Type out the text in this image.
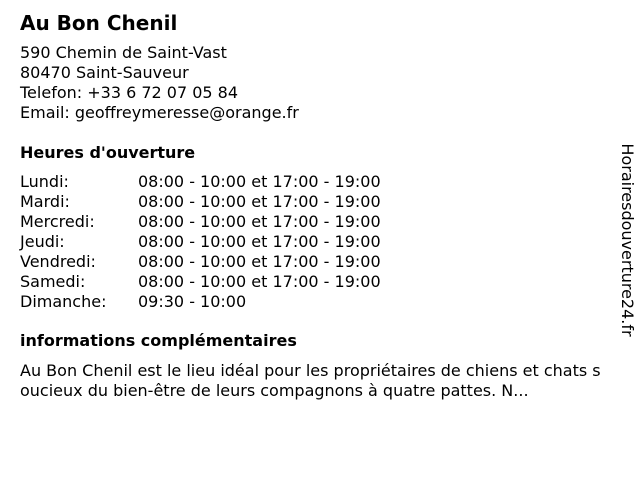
Au Bon Chenil
590 Chemin de Saint-Vast
80470 Saint-Sauveur
Telefon: +33 6 72 07 05 84
Email: geoffreymeresse@orange.fr
Heures d'ouverture
Lundi:	08:00 - 10:00 et 17:00 - 19:00
Mardi:	08:00 - 10:00 et 17:00 - 19:00
Mercredi:	08:00 - 10:00 et 17:00 - 19:00
Jeudi:	08:00 - 10:00 et 17:00 - 19:00
Vendredi:	08:00 - 10:00 et 17:00 - 19:00
Samedi:	08:00 - 10:00 et 17:00 - 19:00
Dimanche:	09:30 - 10:00
informations complémentaires

Au Bon Chenil est le lieu idéal pour les propriétaires de chiens et chats soucieux du bien-être de leurs compagnons à quatre pattes. N...

Horairesdouverture24.fr
